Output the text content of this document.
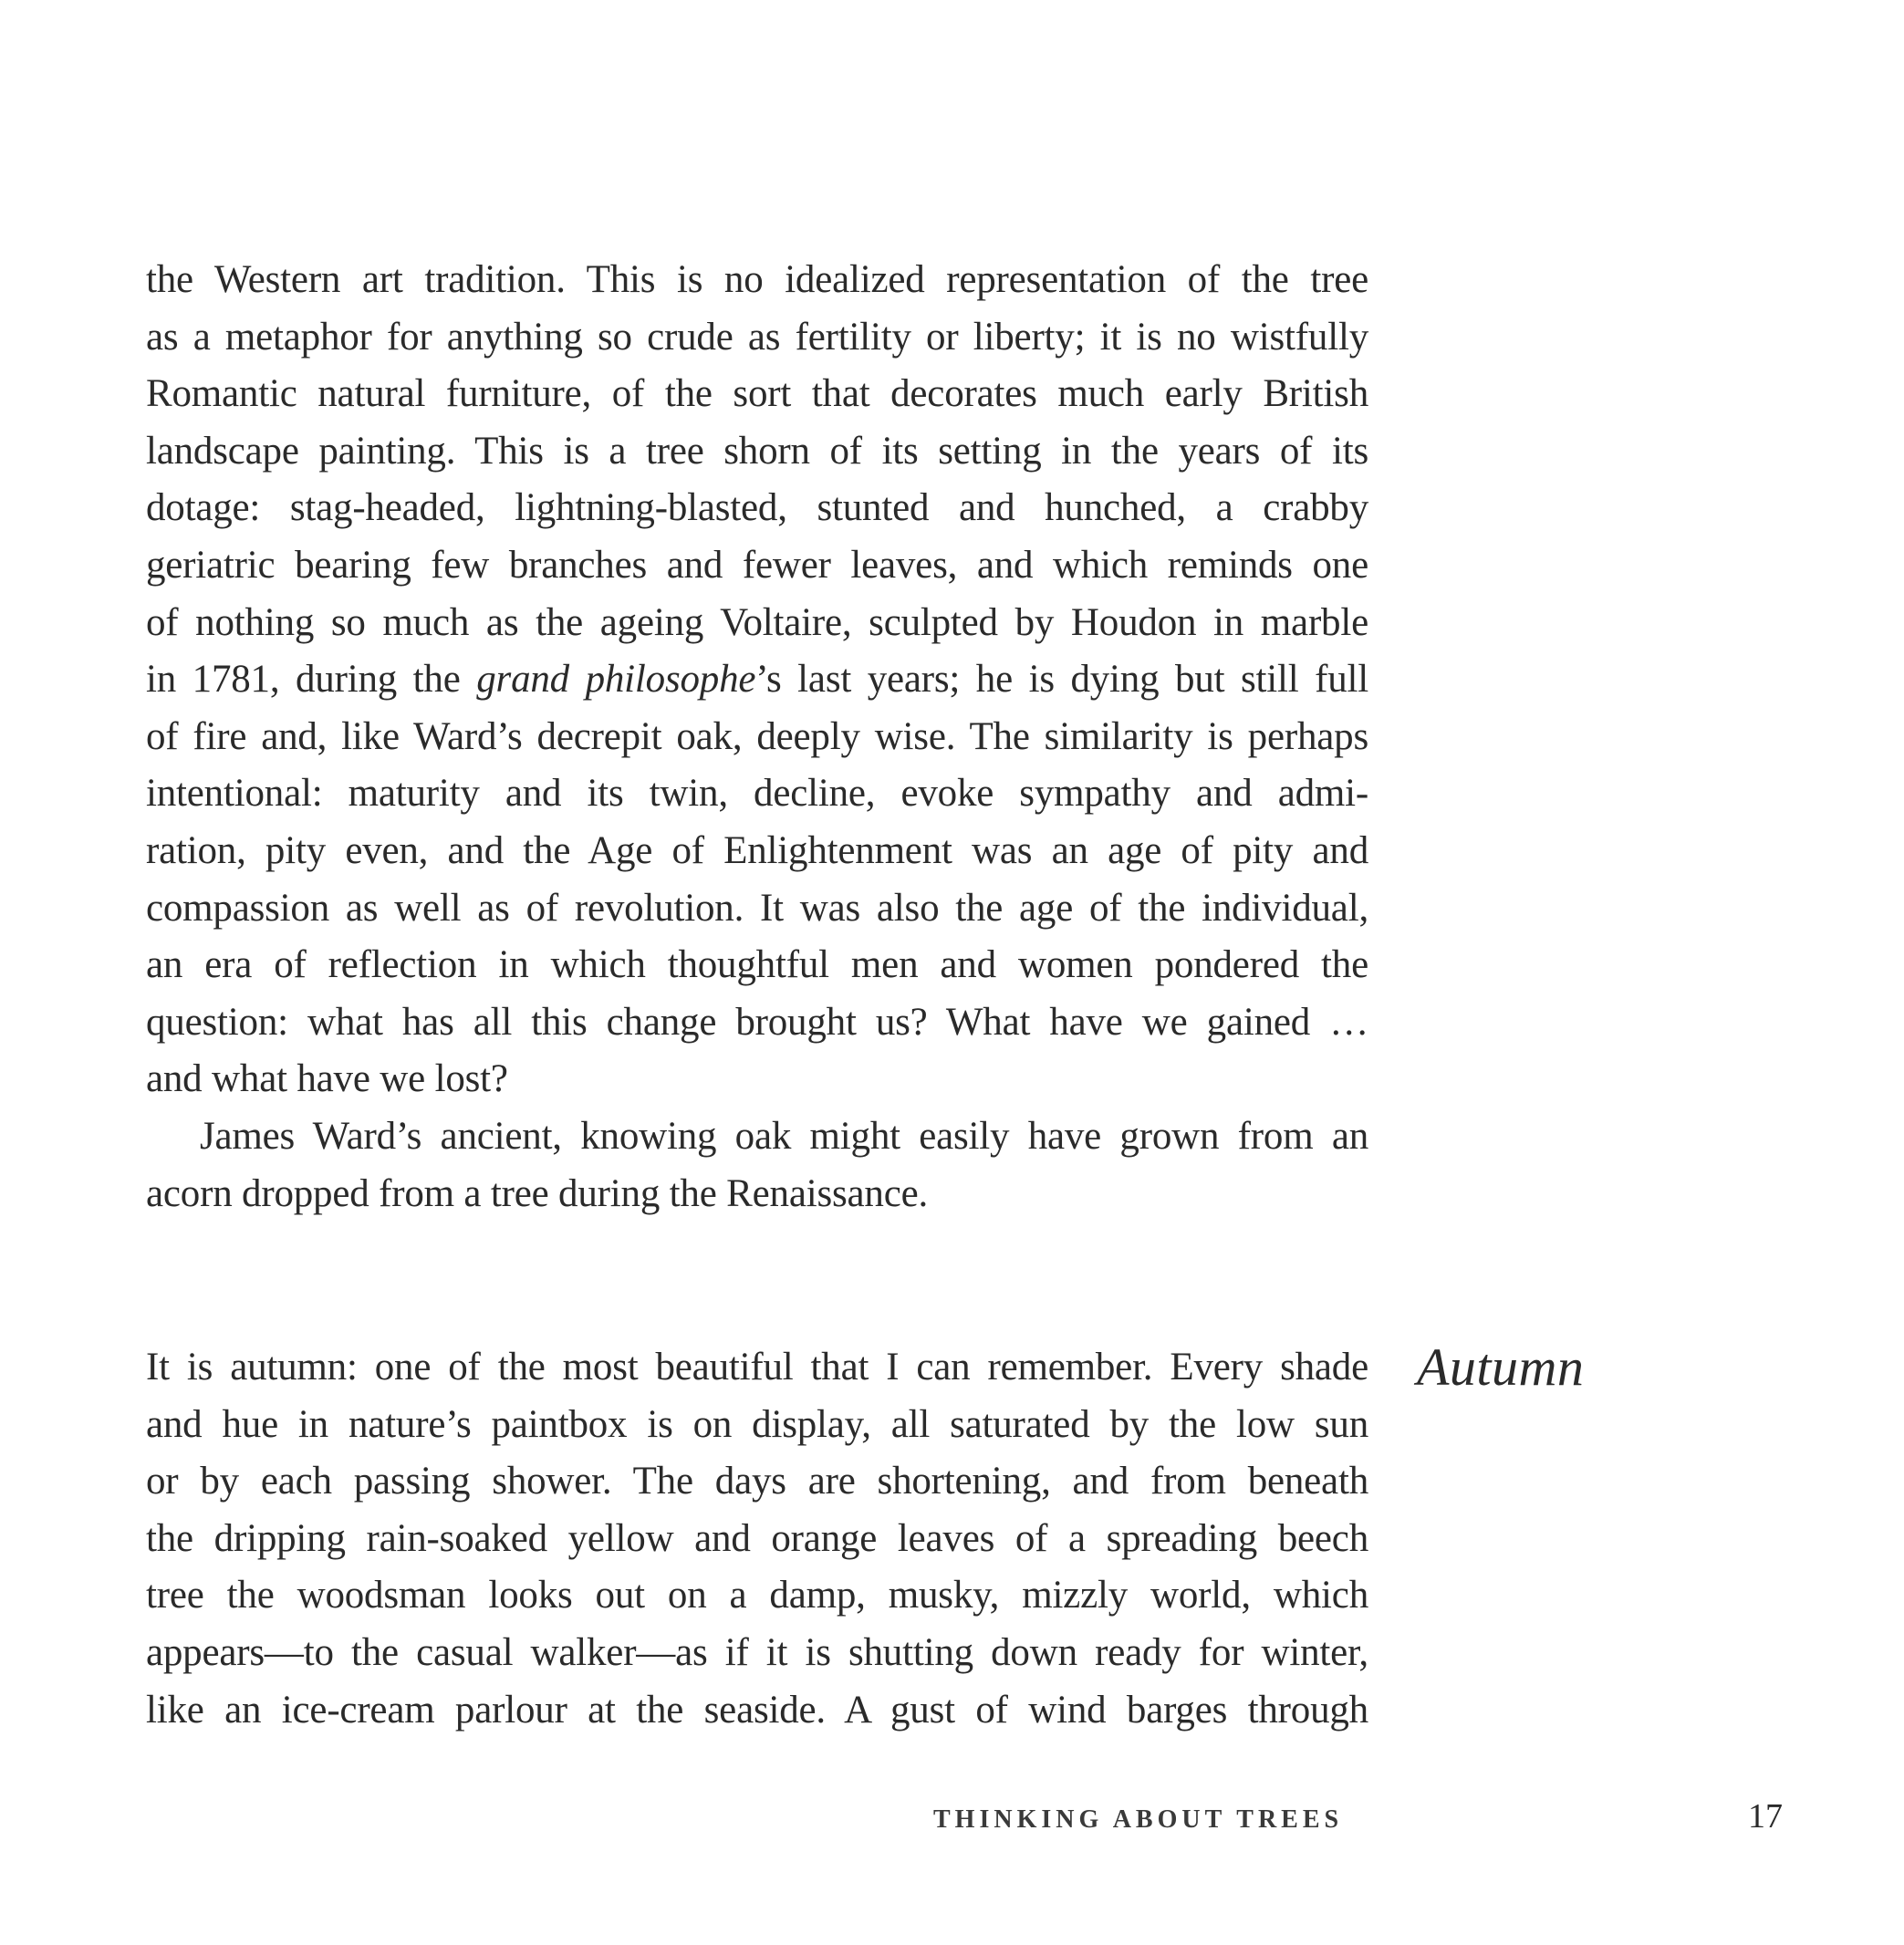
the Western art tradition. This is no idealized representation of the tree
as a metaphor for anything so crude as fertility or liberty; it is no wistfully
Romantic natural furniture, of the sort that decorates much early British
landscape painting. This is a tree shorn of its setting in the years of its
dotage: stag-headed, lightning-blasted, stunted and hunched, a crabby
geriatric bearing few branches and fewer leaves, and which reminds one
of nothing so much as the ageing Voltaire, sculpted by Houdon in marble
in 1781, during the grand philosophe’s last years; he is dying but still full
of fire and, like Ward’s decrepit oak, deeply wise. The similarity is perhaps
intentional: maturity and its twin, decline, evoke sympathy and admi-
ration, pity even, and the Age of Enlightenment was an age of pity and
compassion as well as of revolution. It was also the age of the individual,
an era of reflection in which thoughtful men and women pondered the
question: what has all this change brought us? What have we gained …
and what have we lost?
James Ward’s ancient, knowing oak might easily have grown from an
acorn dropped from a tree during the Renaissance.
Autumn
It is autumn: one of the most beautiful that I can remember. Every shade
and hue in nature’s paintbox is on display, all saturated by the low sun
or by each passing shower. The days are shortening, and from beneath
the dripping rain-soaked yellow and orange leaves of a spreading beech
tree the woodsman looks out on a damp, musky, mizzly world, which
appears—to the casual walker—as if it is shutting down ready for winter,
like an ice-cream parlour at the seaside. A gust of wind barges through
THINKING ABOUT TREES	17
